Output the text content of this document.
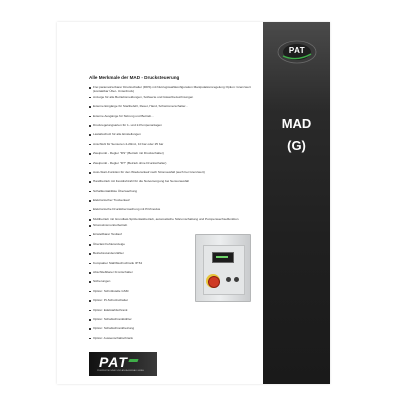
Alle Merkmale der MAD - Drucksteuerung
Frei parametrierbarer Druckschalter (DDS) mit Nutzugswahlkonfiguration Manipulationsregelung Option: Grenzwert (kontaktbar Über- Unterdruck)
Anzeige für alle Betriebsmeldungen, Sollwerte und Istwertbezeichnungen
Externe Eingänge für Startbefehl, Reset, Hand, Schwimmerschalter...
Externe Ausgänge für Störung und Betrieb...
Druckregelungsarten für 1- und 2-Pumpenanlagen
Lastabschutz für alle Einstellungen
Anschluß für Sensoren 4-20mA, 10 bar oder 25 bar
Zweipunkt - Regler "DS" (Betrieb mit Druckschalter)
Zweipunkt - Regler "DT" (Betrieb ohne Druckschalter)
Auto-Start-Funktion für den Wiederanlauf nach Stromausfall (auch bei Grenzwert)
Handbetrieb mit Festdrehzahl für die Notversorgung bei Sensorausfall
Schaltkontaktliste Überwachung
Elektronischer Trockenlauf
Elektronische Druckübermachung mit Prüfmodus
Multibetrieb mit Grundlast-Spitzenlastbetrieb, automatische Störumschaltung und Pumpenwechselfunktion
Stromwinsmonitorbetrieb
Einstellbarer Testlauf
Überlast Fehleranzeige
Betriebsstundenzähler
Kompakter Stahlblechschrank IP 54
Abschließbarer Frontschalter
Sicherungen
Option: Schnittstelle GSM
Option: Pt-Schutzschalter
Option: Edelstahlschrank
Option: Schaltschrankkühler
Option: Schaltschrankheizung
Option: Aussenschaltschrank
PAT
PUMPENTECHNIK UND ANLAGENBAU GMBH
PAT
MAD
(G)
